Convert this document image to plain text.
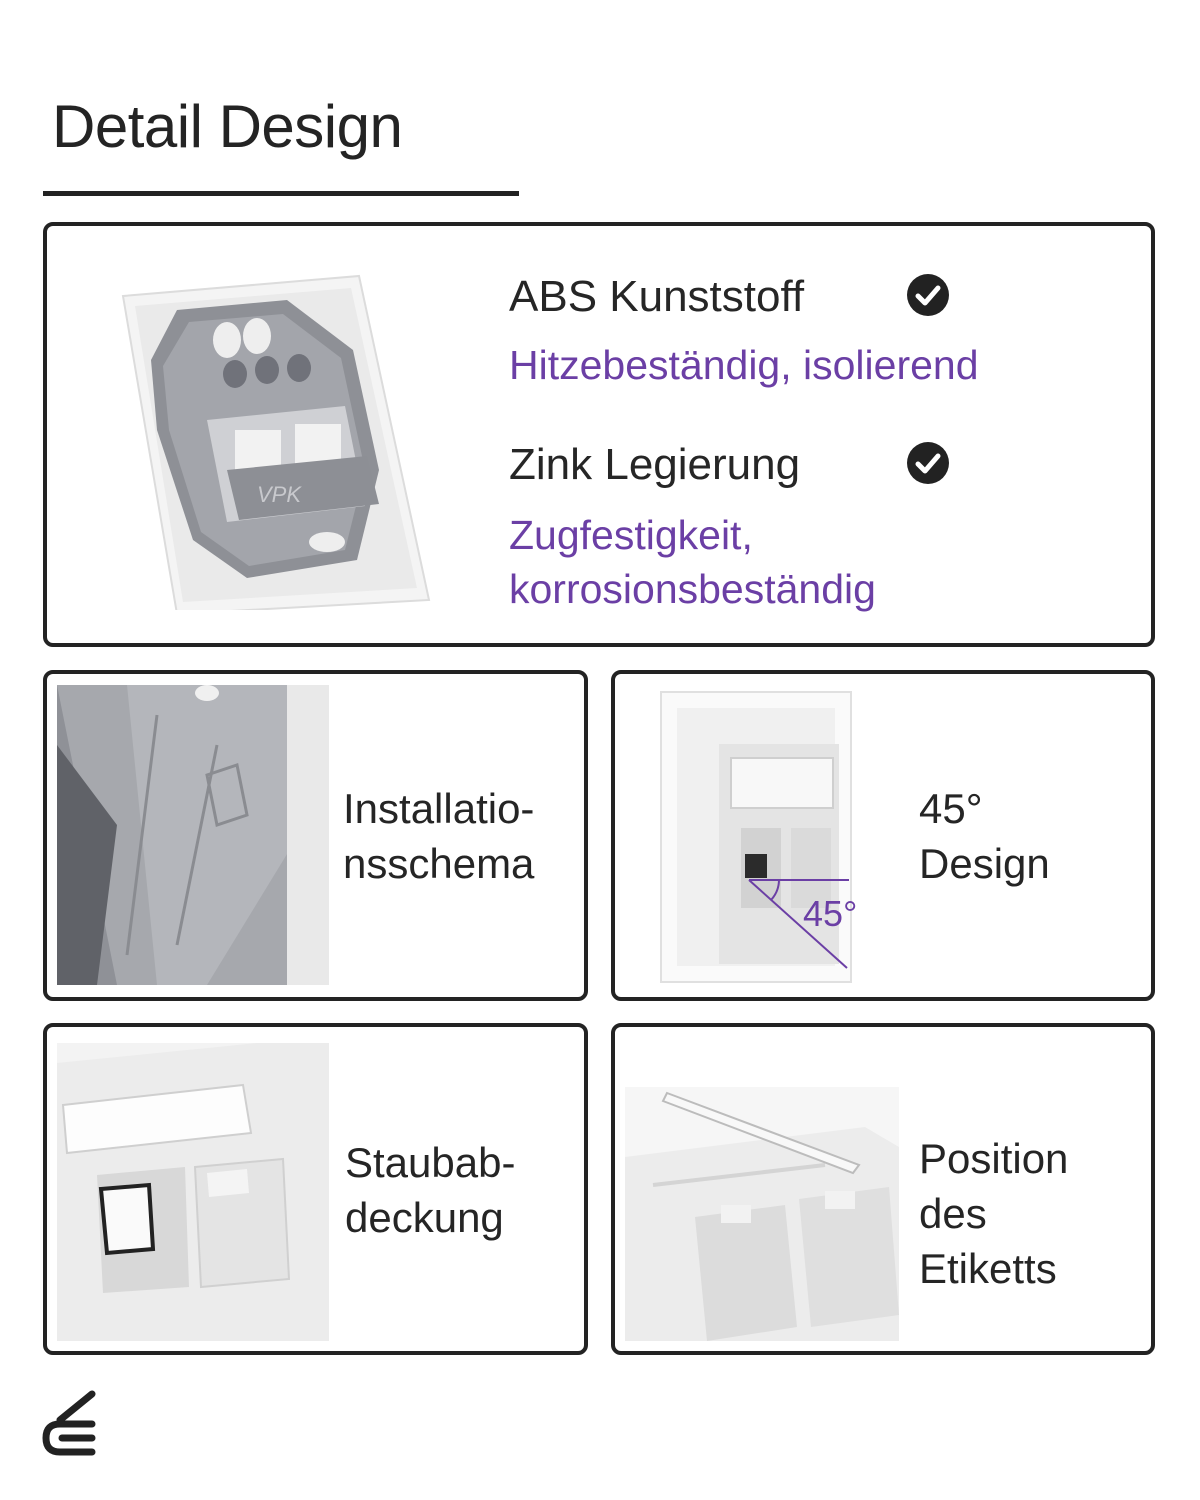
Detail Design
VPK
ABS Kunststoff
Hitzebeständig, isolierend
Zink Legierung
Zugfestigkeit,
korrosionsbeständig
Installatio-
nsschema
45°
45°
Design
Staubab-
deckung
Position
des
Etiketts
